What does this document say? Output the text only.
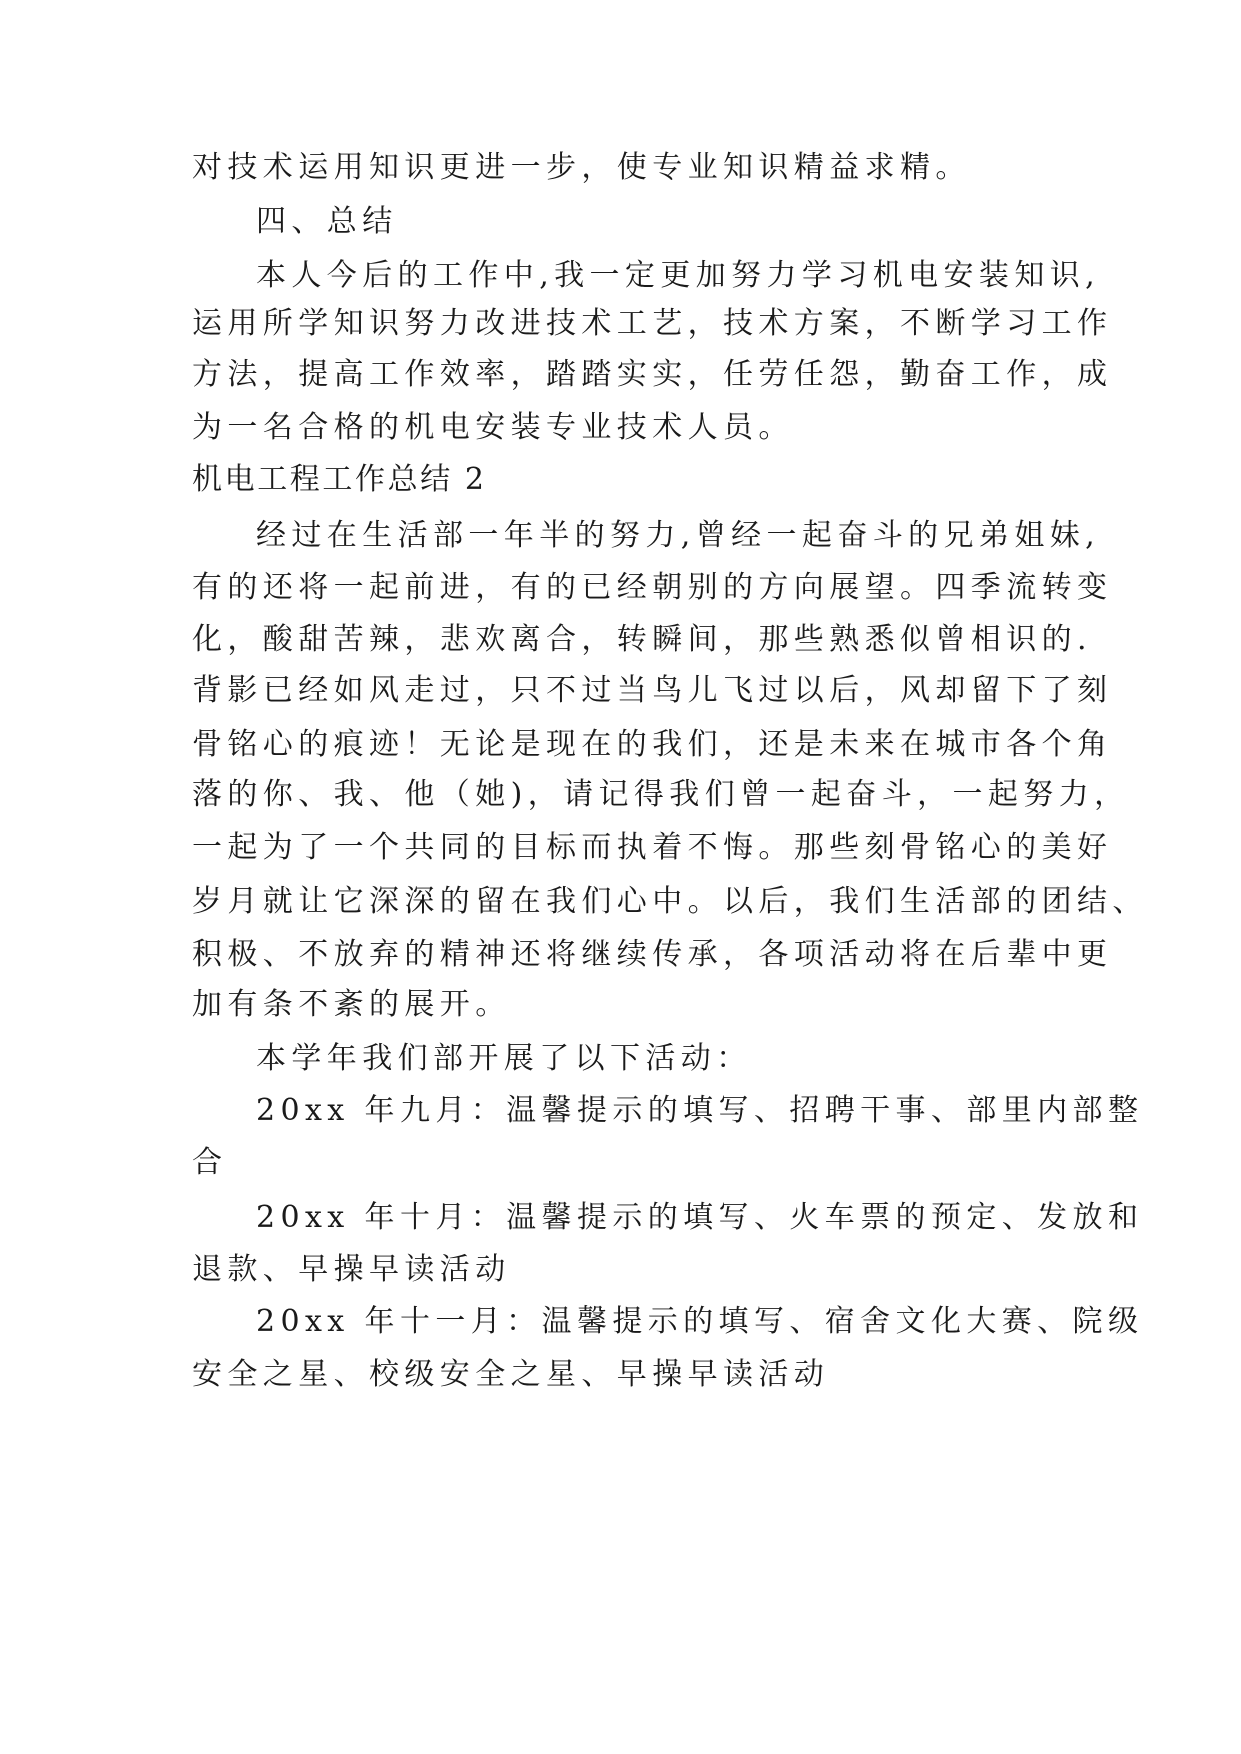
对技术运用知识更进一步，使专业知识精益求精。
四、总结
本人今后的工作中,我一定更加努力学习机电安装知识,
运用所学知识努力改进技术工艺，技术方案，不断学习工作
方法，提高工作效率，踏踏实实，任劳任怨，勤奋工作，成
为一名合格的机电安装专业技术人员。
机电工程工作总结 2
经过在生活部一年半的努力,曾经一起奋斗的兄弟姐妹,
有的还将一起前进，有的已经朝别的方向展望。四季流转变
化，酸甜苦辣，悲欢离合，转瞬间，那些熟悉似曾相识的.
背影已经如风走过，只不过当鸟儿飞过以后，风却留下了刻
骨铭心的痕迹！无论是现在的我们，还是未来在城市各个角
落的你、我、他（她)，请记得我们曾一起奋斗，一起努力，
一起为了一个共同的目标而执着不悔。那些刻骨铭心的美好
岁月就让它深深的留在我们心中。以后，我们生活部的团结、
积极、不放弃的精神还将继续传承，各项活动将在后辈中更
加有条不紊的展开。
本学年我们部开展了以下活动：
20xx 年九月：温馨提示的填写、招聘干事、部里内部整
合
20xx 年十月：温馨提示的填写、火车票的预定、发放和
退款、早操早读活动
20xx 年十一月：温馨提示的填写、宿舍文化大赛、院级
安全之星、校级安全之星、早操早读活动
